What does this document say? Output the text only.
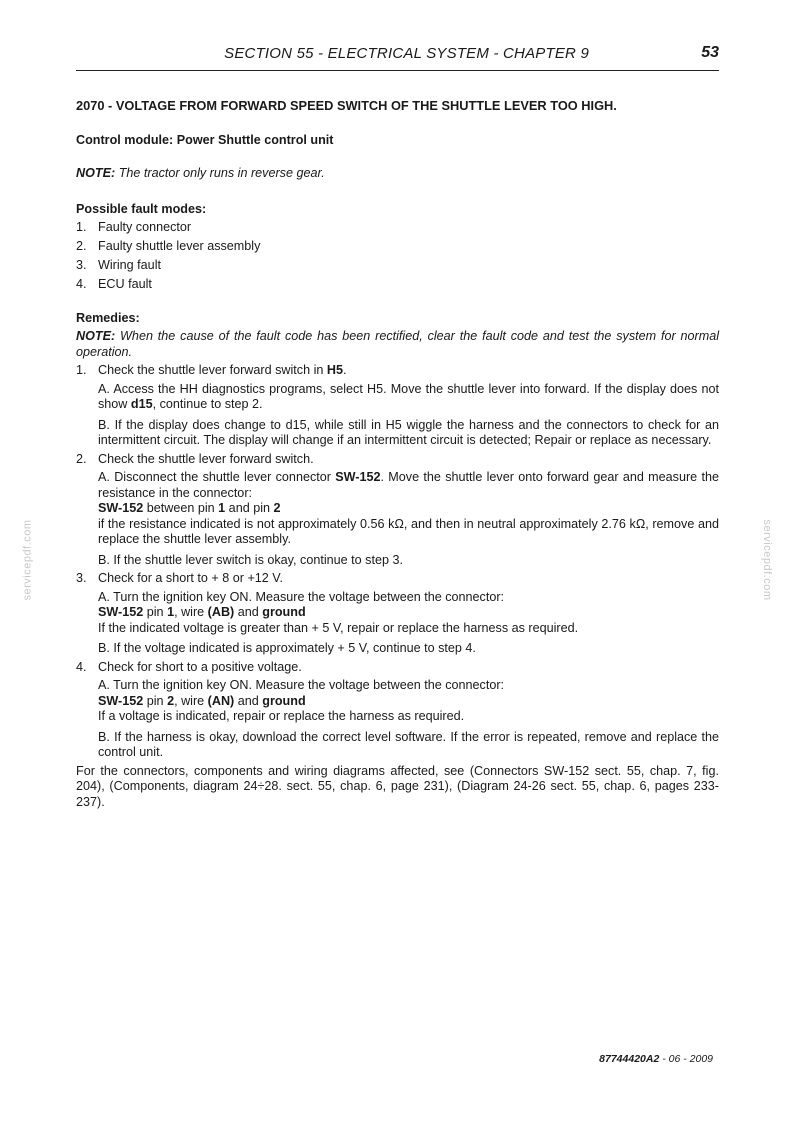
SECTION 55 - ELECTRICAL SYSTEM - CHAPTER 9	53
servicepdf.com	servicepdf.com

2070 - VOLTAGE FROM FORWARD SPEED SWITCH OF THE SHUTTLE LEVER TOO HIGH.

Control module: Power Shuttle control unit

NOTE: The tractor only runs in reverse gear.

Possible fault modes:

1. Faulty connector
2. Faulty shuttle lever assembly
3. Wiring fault
4. ECU fault

Remedies:

NOTE: When the cause of the fault code has been rectified, clear the fault code and test the system for normal operation.

1. Check the shuttle lever forward switch in H5.

A. Access the HH diagnostics programs, select H5. Move the shuttle lever into forward. If the display does not show d15, continue to step 2.

B. If the display does change to d15, while still in H5 wiggle the harness and the connectors to check for an intermittent circuit. The display will change if an intermittent circuit is detected; Repair or replace as necessary.

2. Check the shuttle lever forward switch.

A. Disconnect the shuttle lever connector SW-152. Move the shuttle lever onto forward gear and measure the resistance in the connector:

SW-152 between pin 1 and pin 2

if the resistance indicated is not approximately 0.56 kΩ, and then in neutral approximately 2.76 kΩ, remove and replace the shuttle lever assembly.

B. If the shuttle lever switch is okay, continue to step 3.

3. Check for a short to + 8 or +12 V.

A. Turn the ignition key ON. Measure the voltage between the connector:

SW-152 pin 1, wire (AB) and ground

If the indicated voltage is greater than + 5 V, repair or replace the harness as required.

B. If the voltage indicated is approximately + 5 V, continue to step 4.

4. Check for short to a positive voltage.

A. Turn the ignition key ON. Measure the voltage between the connector:

SW-152 pin 2, wire (AN) and ground

If a voltage is indicated, repair or replace the harness as required.

B. If the harness is okay, download the correct level software. If the error is repeated, remove and replace the control unit.

For the connectors, components and wiring diagrams affected, see (Connectors SW-152 sect. 55, chap. 7, fig. 204), (Components, diagram 24÷28. sect. 55, chap. 6, page 231), (Diagram 24-26 sect. 55, chap. 6, pages 233-237).

87744420A2 - 06 - 2009
